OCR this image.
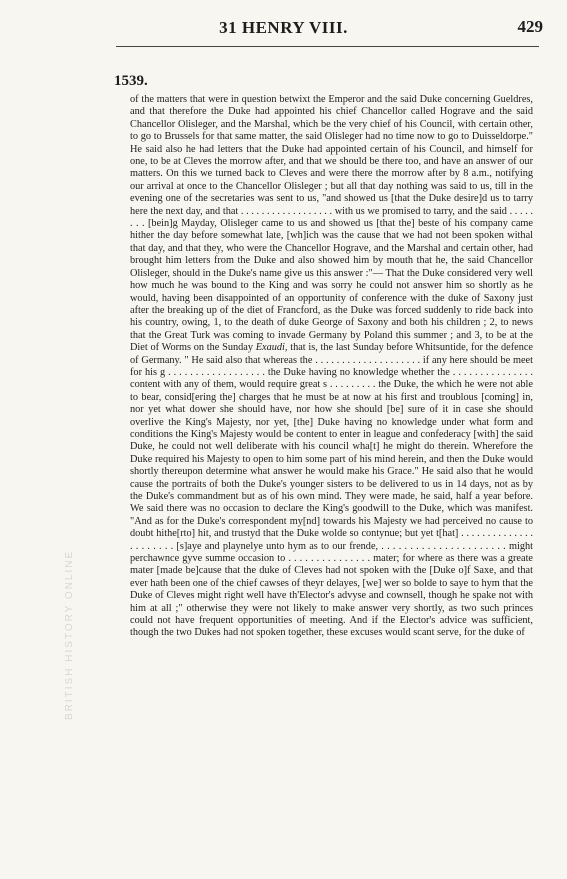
31 HENRY VIII.	429
1539.
BRITISH HISTORY ONLINE

of the matters that were in question betwixt the Emperor and the said Duke concerning Gueldres, and that therefore the Duke had appointed his chief Chancellor called Hograve and the said Chancellor Olisleger, and the Marshal, which be the very chief of his Council, with certain other, to go to Brussels for that same matter, the said Olisleger had no time now to go to Duisseldorpe." He said also he had letters that the Duke had appointed certain of his Council, and himself for one, to be at Cleves the morrow after, and that we should be there too, and have an answer of our matters. On this we turned back to Cleves and were there the morrow after by 8 a.m., notifying our arrival at once to the Chancellor Olisleger ; but all that day nothing was said to us, till in the evening one of the secretaries was sent to us, "and showed us [that the Duke desire]d us to tarry here the next day, and that . . . . . . . . . . . . . . . . . . with us we promised to tarry, and the said . . . . . . . . [bein]g Mayday, Olisleger came to us and showed us [that the] beste of his company came hither the day before somewhat late, [wh]ich was the cause that we had not been spoken withal that day, and that they, who were the Chancellor Hograve, and the Marshal and certain other, had brought him letters from the Duke and also showed him by mouth that he, the said Chancellor Olisleger, should in the Duke's name give us this answer :"— That the Duke considered very well how much he was bound to the King and was sorry he could not answer him so shortly as he would, having been disappointed of an opportunity of conference with the duke of Saxony just after the breaking up of the diet of Francford, as the Duke was forced suddenly to ride back into his country, owing, 1, to the death of duke George of Saxony and both his children ; 2, to news that the Great Turk was coming to invade Germany by Poland this summer ; and 3, to be at the Diet of Worms on the Sunday Exaudi, that is, the last Sunday before Whitsuntide, for the defence of Germany. " He said also that whereas the . . . . . . . . . . . . . . . . . . . . if any here should be meet for his g . . . . . . . . . . . . . . . . . . the Duke having no knowledge whether the . . . . . . . . . . . . . . . content with any of them, would require great s . . . . . . . . . the Duke, the which he were not able to bear, consid[ering the] charges that he must be at now at his first and troublous [coming] in, nor yet what dower she should have, nor how she should [be] sure of it in case she should overlive the King's Majesty, nor yet, [the] Duke having no knowledge under what form and conditions the King's Majesty would be content to enter in league and confederacy [with] the said Duke, he could not well deliberate with his council wha[t] he might do therein. Wherefore the Duke required his Majesty to open to him some part of his mind herein, and then the Duke would shortly thereupon determine what answer he would make his Grace." He said also that he would cause the portraits of both the Duke's younger sisters to be delivered to us in 14 days, not as by the Duke's commandment but as of his own mind. They were made, he said, half a year before. We said there was no occasion to declare the King's goodwill to the Duke, which was manifest. "And as for the Duke's correspondent my[nd] towards his Majesty we had perceived no cause to doubt hithe[rto] hit, and trustyd that the Duke wolde so contynue; but yet t[hat] . . . . . . . . . . . . . . . . . . . . . . [s]aye and playnelye unto hym as to our frende, . . . . . . . . . . . . . . . . . . . . . . might perchawnce gyve summe occasion to . . . . . . . . . . . . . . . mater; for where as there was a greate mater [made be]cause that the duke of Cleves had not spoken with the [Duke o]f Saxe, and that ever hath been one of the chief cawses of theyr delayes, [we] wer so bolde to saye to hym that the Duke of Cleves might right well have th'Elector's advyse and cownsell, though he spake not with him at all ;" otherwise they were not likely to make answer very shortly, as two such princes could not have frequent opportunities of meeting. And if the Elector's advice was sufficient, though the two Dukes had not spoken together, these excuses would scant serve, for the duke of
